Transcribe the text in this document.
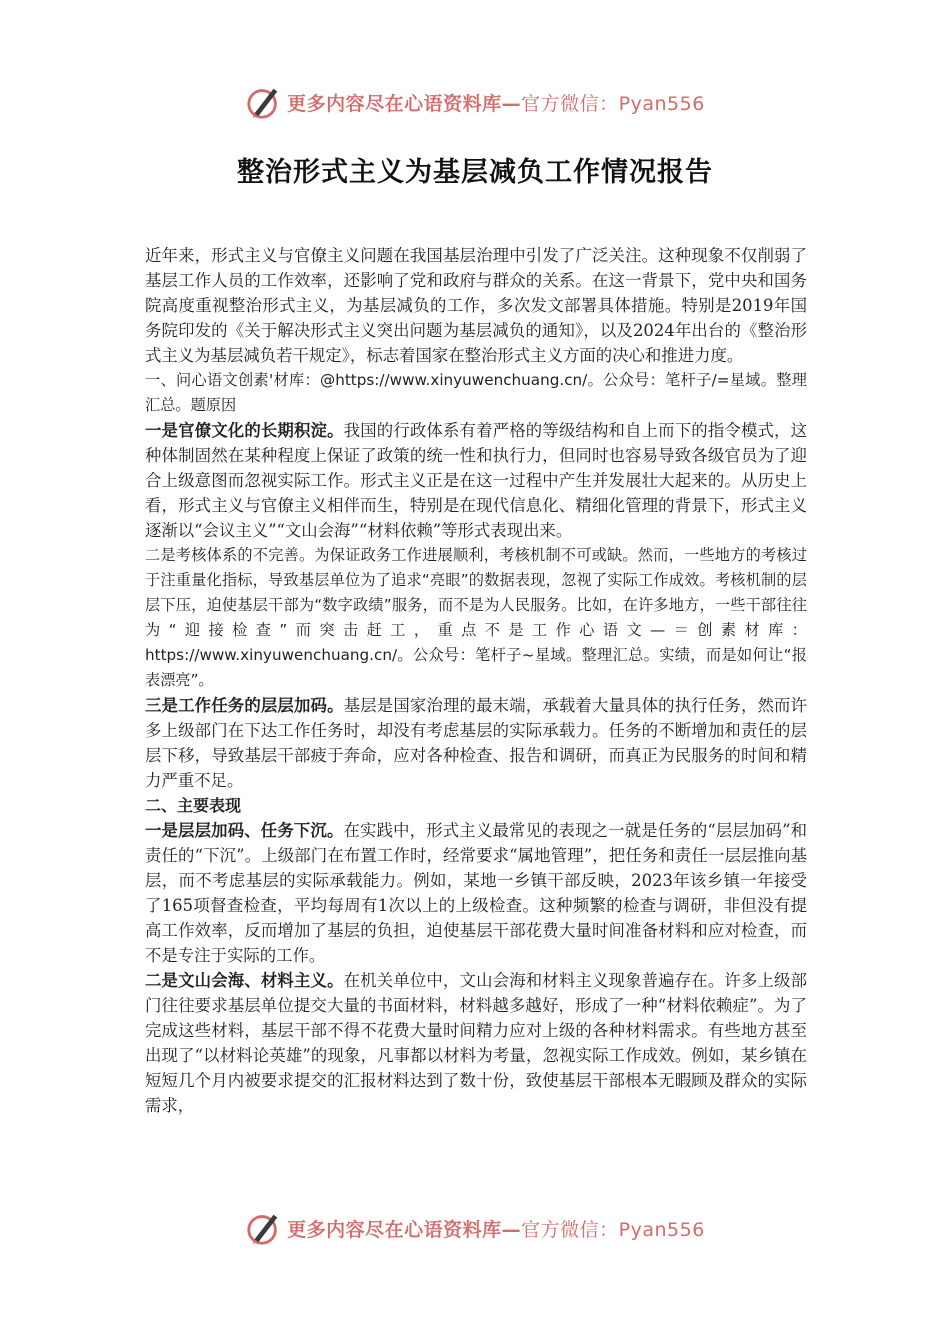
更多内容尽在心语资料库—官方微信：Pyan556
整治形式主义为基层减负工作情况报告

近年来，形式主义与官僚主义问题在我国基层治理中引发了广泛关注。这种现象不仅削弱了基层工作人员的工作效率，还影响了党和政府与群众的关系。在这一背景下，党中央和国务院高度重视整治形式主义，为基层减负的工作，多次发文部署具体措施。特别是2019年国务院印发的《关于解决形式主义突出问题为基层减负的通知》，以及2024年出台的《整治形式主义为基层减负若干规定》，标志着国家在整治形式主义方面的决心和推进力度。

一、问心语文创素'材库：@https://www.xinyuwenchuang.cn/。公众号：笔杆子/=星域。整理汇总。题原因

一是官僚文化的长期积淀。我国的行政体系有着严格的等级结构和自上而下的指令模式，这种体制固然在某种程度上保证了政策的统一性和执行力，但同时也容易导致各级官员为了迎合上级意图而忽视实际工作。形式主义正是在这一过程中产生并发展壮大起来的。从历史上看，形式主义与官僚主义相伴而生，特别是在现代信息化、精细化管理的背景下，形式主义逐渐以“会议主义”“文山会海”“材料依赖”等形式表现出来。

二是考核体系的不完善。为保证政务工作进展顺利，考核机制不可或缺。然而，一些地方的考核过于注重量化指标，导致基层单位为了追求“亮眼”的数据表现，忽视了实际工作成效。考核机制的层层下压，迫使基层干部为“数字政绩”服务，而不是为人民服务。比如，在许多地方，一些干部往往为“迎接检查”而突击赶工，重点不是工作心语文—＝创素材库：https://www.xinyuwenchuang.cn/。公众号：笔杆子~星域。整理汇总。实绩，而是如何让“报表漂亮”。

三是工作任务的层层加码。基层是国家治理的最末端，承载着大量具体的执行任务，然而许多上级部门在下达工作任务时，却没有考虑基层的实际承载力。任务的不断增加和责任的层层下移，导致基层干部疲于奔命，应对各种检查、报告和调研，而真正为民服务的时间和精力严重不足。

二、主要表现

一是层层加码、任务下沉。在实践中，形式主义最常见的表现之一就是任务的“层层加码”和责任的“下沉”。上级部门在布置工作时，经常要求“属地管理”，把任务和责任一层层推向基层，而不考虑基层的实际承载能力。例如，某地一乡镇干部反映，2023年该乡镇一年接受了165项督查检查，平均每周有1次以上的上级检查。这种频繁的检查与调研，非但没有提高工作效率，反而增加了基层的负担，迫使基层干部花费大量时间准备材料和应对检查，而不是专注于实际的工作。

二是文山会海、材料主义。在机关单位中，文山会海和材料主义现象普遍存在。许多上级部门往往要求基层单位提交大量的书面材料，材料越多越好，形成了一种“材料依赖症”。为了完成这些材料，基层干部不得不花费大量时间精力应对上级的各种材料需求。有些地方甚至出现了“以材料论英雄”的现象，凡事都以材料为考量，忽视实际工作成效。例如，某乡镇在短短几个月内被要求提交的汇报材料达到了数十份，致使基层干部根本无暇顾及群众的实际需求，

更多内容尽在心语资料库—官方微信：Pyan556
